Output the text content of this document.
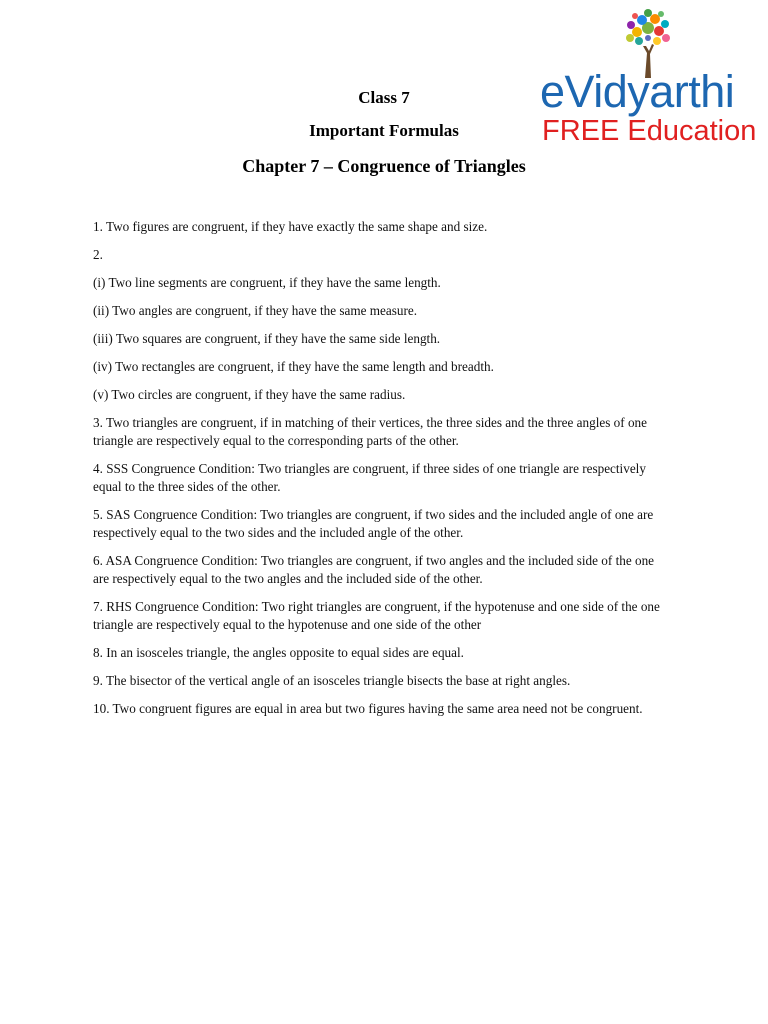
Class 7
Important Formulas
Chapter 7 – Congruence of Triangles
eVidyarthi
FREE Education

1. Two figures are congruent, if they have exactly the same shape and size.

2.

(i) Two line segments are congruent, if they have the same length.

(ii) Two angles are congruent, if they have the same measure.

(iii) Two squares are congruent, if they have the same side length.

(iv) Two rectangles are congruent, if they have the same length and breadth.

(v) Two circles are congruent, if they have the same radius.

3. Two triangles are congruent, if in matching of their vertices, the three sides and the three angles of one triangle are respectively equal to the corresponding parts of the other.

4. SSS Congruence Condition: Two triangles are congruent, if three sides of one triangle are respectively equal to the three sides of the other.

5. SAS Congruence Condition: Two triangles are congruent, if two sides and the included angle of one are respectively equal to the two sides and the included angle of the other.

6. ASA Congruence Condition: Two triangles are congruent, if two angles and the included side of the one are respectively equal to the two angles and the included side of the other.

7. RHS Congruence Condition: Two right triangles are congruent, if the hypotenuse and one side of the one triangle are respectively equal to the hypotenuse and one side of the other

8. In an isosceles triangle, the angles opposite to equal sides are equal.

9. The bisector of the vertical angle of an isosceles triangle bisects the base at right angles.

10. Two congruent figures are equal in area but two figures having the same area need not be congruent.
